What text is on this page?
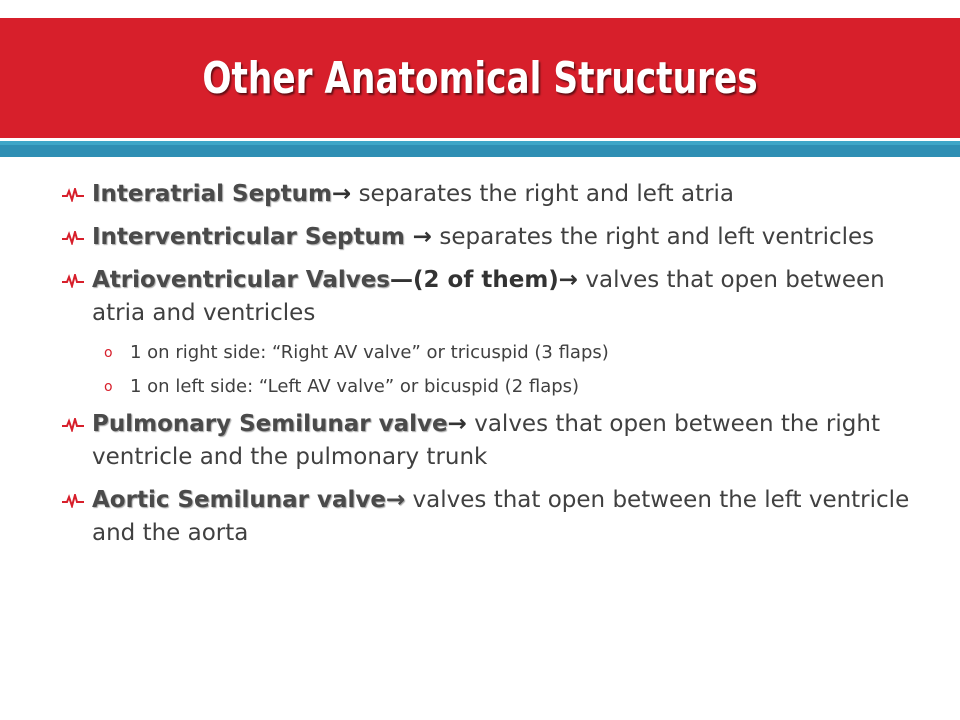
Other Anatomical Structures
Interatrial Septum→ separates the right and left atria
Interventricular Septum → separates the right and left ventricles
Atrioventricular Valves—(2 of them)→ valves that open between atria and ventricles
o 1 on right side: “Right AV valve” or tricuspid (3 flaps)
o 1 on left side: “Left AV valve” or bicuspid (2 flaps)
Pulmonary Semilunar valve→ valves that open between the right ventricle and the pulmonary trunk
Aortic Semilunar valve→ valves that open between the left ventricle and the aorta
